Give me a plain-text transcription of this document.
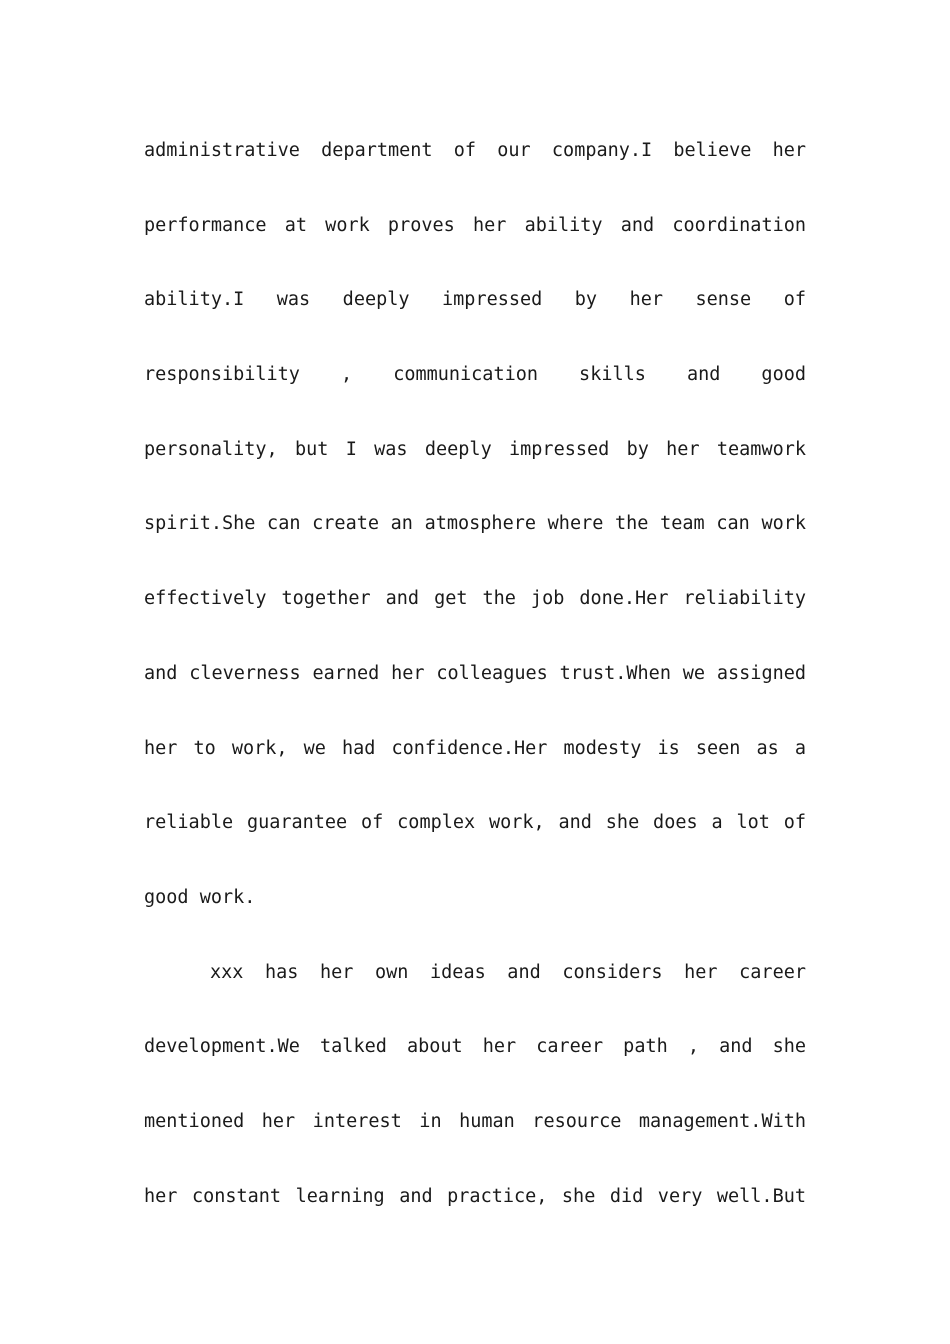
administrative department of our company.I believe her
performance at work proves her ability and coordination
ability.I was deeply impressed by her sense of
responsibility , communication skills and good
personality, but I was deeply impressed by her teamwork
spirit.She can create an atmosphere where the team can work
effectively together and get the job done.Her reliability
and cleverness earned her colleagues trust.When we assigned
her to work, we had confidence.Her modesty is seen as a
reliable guarantee of complex work, and she does a lot of
good work.
xxx has her own ideas and considers her career
development.We talked about her career path , and she
mentioned her interest in human resource management.With
her constant learning and practice, she did very well.But
